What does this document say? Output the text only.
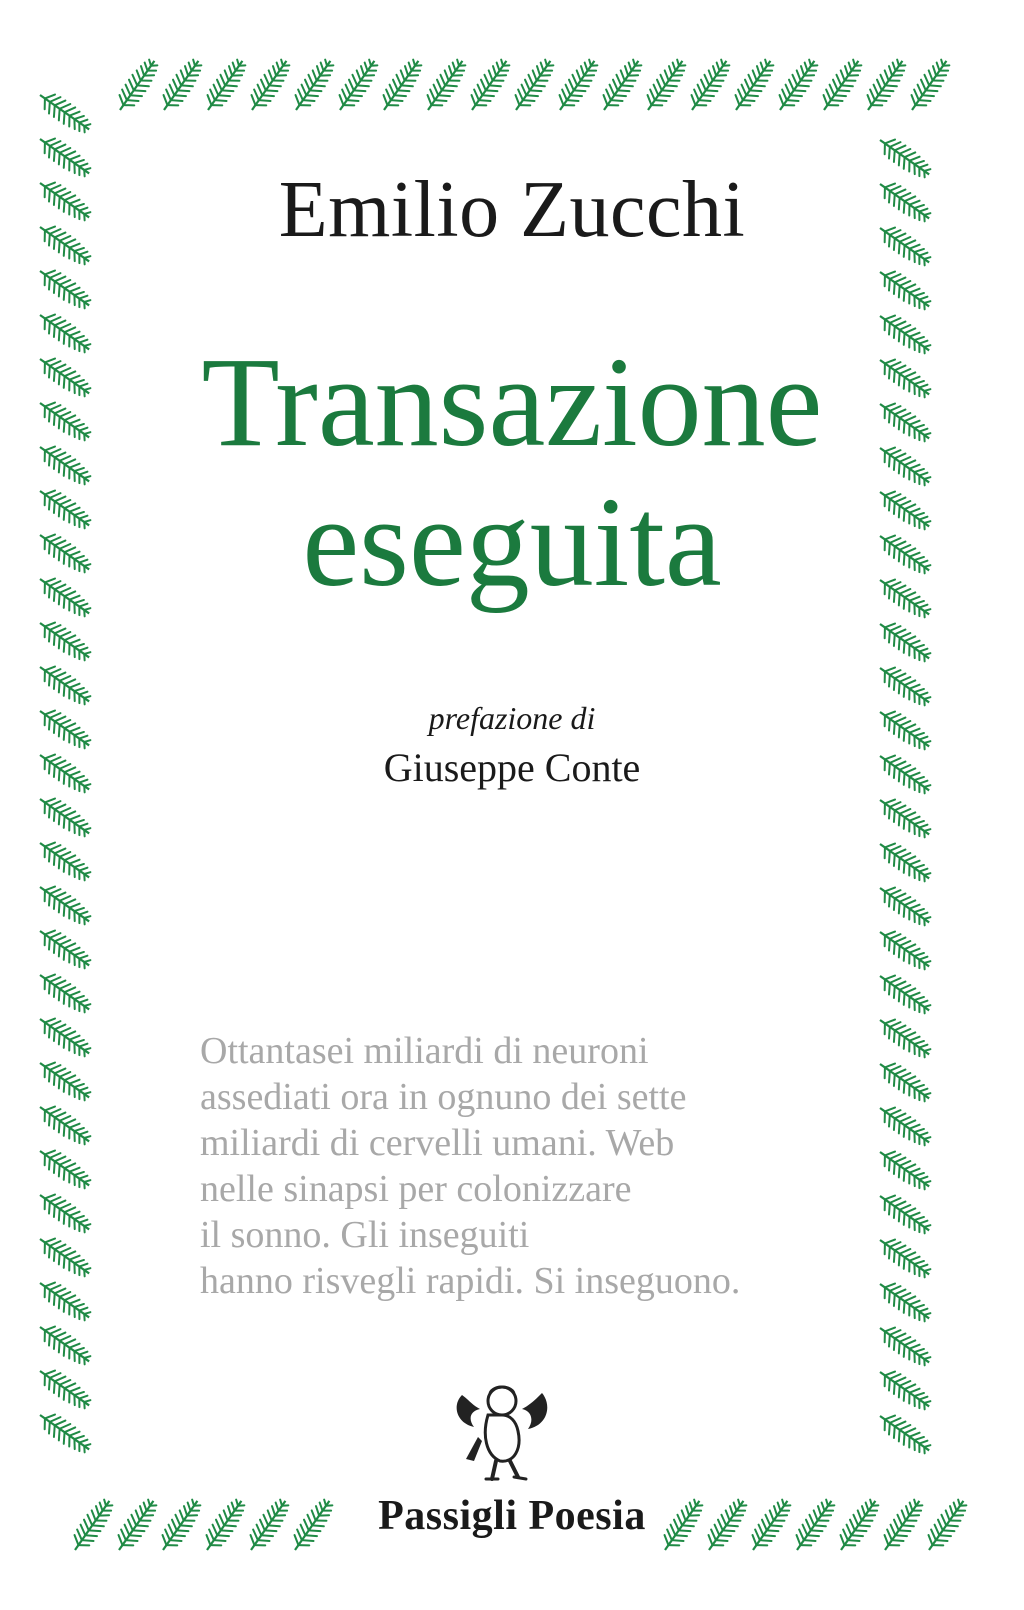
Emilio Zucchi
Transazione
eseguita
prefazione di
Giuseppe Conte
Ottantasei miliardi di neuroni
assediati ora in ognuno dei sette
miliardi di cervelli umani. Web
nelle sinapsi per colonizzare
il sonno. Gli inseguiti
hanno risvegli rapidi. Si inseguono.
Passigli Poesia
